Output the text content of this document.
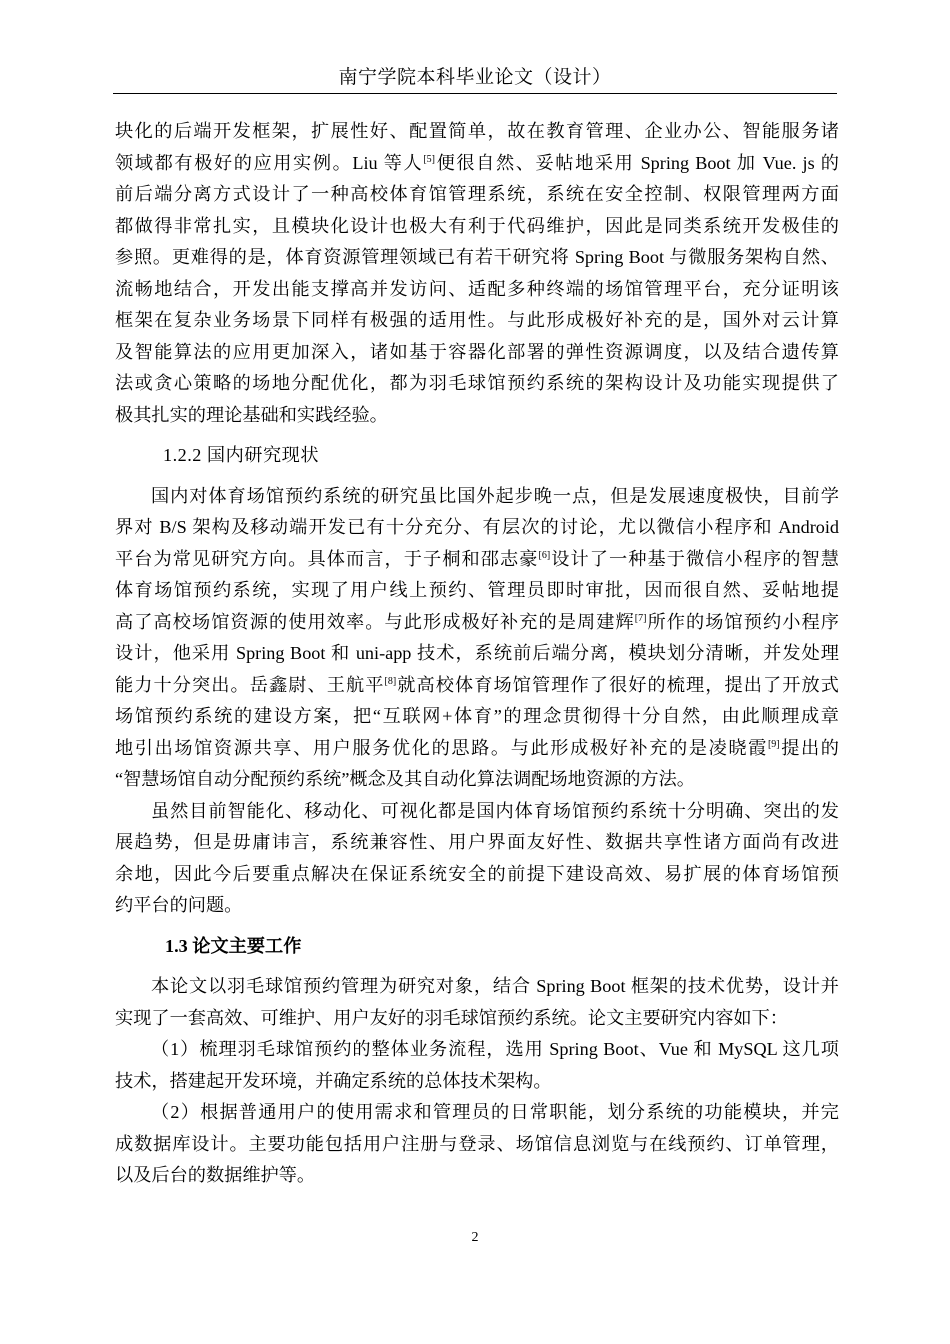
南宁学院本科毕业论文（设计）

块化的后端开发框架，扩展性好、配置简单，故在教育管理、企业办公、智能服务诸
领域都有极好的应用实例。Liu 等人[5]便很自然、妥帖地采用 Spring Boot 加 Vue. js 的
前后端分离方式设计了一种高校体育馆管理系统，系统在安全控制、权限管理两方面
都做得非常扎实，且模块化设计也极大有利于代码维护，因此是同类系统开发极佳的
参照。更难得的是，体育资源管理领域已有若干研究将 Spring Boot 与微服务架构自然、
流畅地结合，开发出能支撑高并发访问、适配多种终端的场馆管理平台，充分证明该
框架在复杂业务场景下同样有极强的适用性。与此形成极好补充的是，国外对云计算
及智能算法的应用更加深入，诸如基于容器化部署的弹性资源调度，以及结合遗传算
法或贪心策略的场地分配优化，都为羽毛球馆预约系统的架构设计及功能实现提供了
极其扎实的理论基础和实践经验。

1.2.2 国内研究现状

国内对体育场馆预约系统的研究虽比国外起步晚一点，但是发展速度极快，目前学
界对 B/S 架构及移动端开发已有十分充分、有层次的讨论，尤以微信小程序和 Android
平台为常见研究方向。具体而言，于子桐和邵志豪[6]设计了一种基于微信小程序的智慧
体育场馆预约系统，实现了用户线上预约、管理员即时审批，因而很自然、妥帖地提
高了高校场馆资源的使用效率。与此形成极好补充的是周建辉[7]所作的场馆预约小程序
设计，他采用 Spring Boot 和 uni-app 技术，系统前后端分离，模块划分清晰，并发处理
能力十分突出。岳鑫尉、王航平[8]就高校体育场馆管理作了很好的梳理，提出了开放式
场馆预约系统的建设方案，把“互联网+体育”的理念贯彻得十分自然，由此顺理成章
地引出场馆资源共享、用户服务优化的思路。与此形成极好补充的是凌晓霞[9]提出的
“智慧场馆自动分配预约系统”概念及其自动化算法调配场地资源的方法。

虽然目前智能化、移动化、可视化都是国内体育场馆预约系统十分明确、突出的发
展趋势，但是毋庸讳言，系统兼容性、用户界面友好性、数据共享性诸方面尚有改进
余地，因此今后要重点解决在保证系统安全的前提下建设高效、易扩展的体育场馆预
约平台的问题。

1.3 论文主要工作

本论文以羽毛球馆预约管理为研究对象，结合 Spring Boot 框架的技术优势，设计并
实现了一套高效、可维护、用户友好的羽毛球馆预约系统。论文主要研究内容如下：

（1）梳理羽毛球馆预约的整体业务流程，选用 Spring Boot、Vue 和 MySQL 这几项
技术，搭建起开发环境，并确定系统的总体技术架构。

（2）根据普通用户的使用需求和管理员的日常职能，划分系统的功能模块，并完
成数据库设计。主要功能包括用户注册与登录、场馆信息浏览与在线预约、订单管理，
以及后台的数据维护等。

2
